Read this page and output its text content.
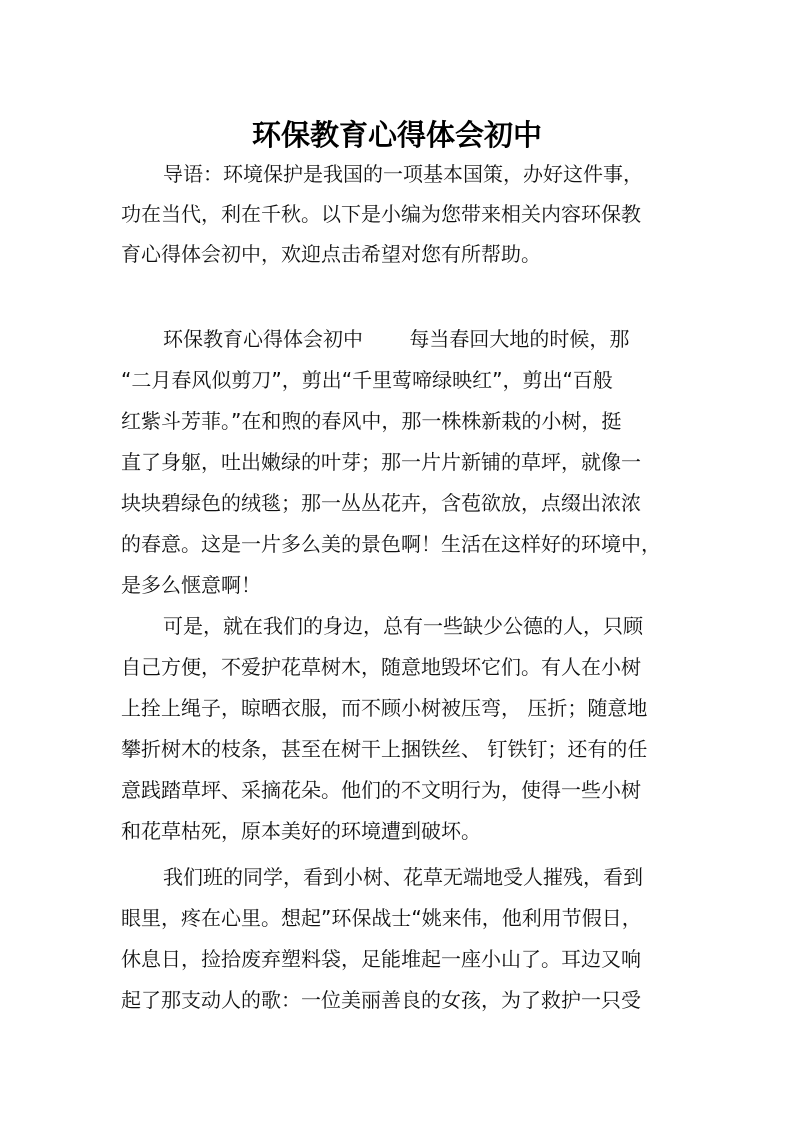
环保教育心得体会初中

导语：环境保护是我国的一项基本国策，办好这件事，

功在当代，利在千秋。以下是小编为您带来相关内容环保教

育心得体会初中，欢迎点击希望对您有所帮助。

环保教育心得体会初中　　 每当春回大地的时候，那

“二月春风似剪刀”，剪出“千里莺啼绿映红”，剪出“百般

红紫斗芳菲。”在和煦的春风中，那一株株新栽的小树，挺

直了身躯，吐出嫩绿的叶芽；那一片片新铺的草坪，就像一

块块碧绿色的绒毯；那一丛丛花卉，含苞欲放，点缀出浓浓

的春意。这是一片多么美的景色啊！生活在这样好的环境中，

是多么惬意啊！

可是，就在我们的身边，总有一些缺少公德的人，只顾

自己方便，不爱护花草树木，随意地毁坏它们。有人在小树

上拴上绳子，晾晒衣服，而不顾小树被压弯， 压折；随意地

攀折树木的枝条，甚至在树干上捆铁丝、 钉铁钉；还有的任

意践踏草坪、采摘花朵。他们的不文明行为，使得一些小树

和花草枯死，原本美好的环境遭到破坏。

我们班的同学，看到小树、花草无端地受人摧残，看到

眼里，疼在心里。想起”环保战士“姚来伟，他利用节假日，

休息日，捡拾废弃塑料袋，足能堆起一座小山了。耳边又响

起了那支动人的歌：一位美丽善良的女孩，为了救护一只受
